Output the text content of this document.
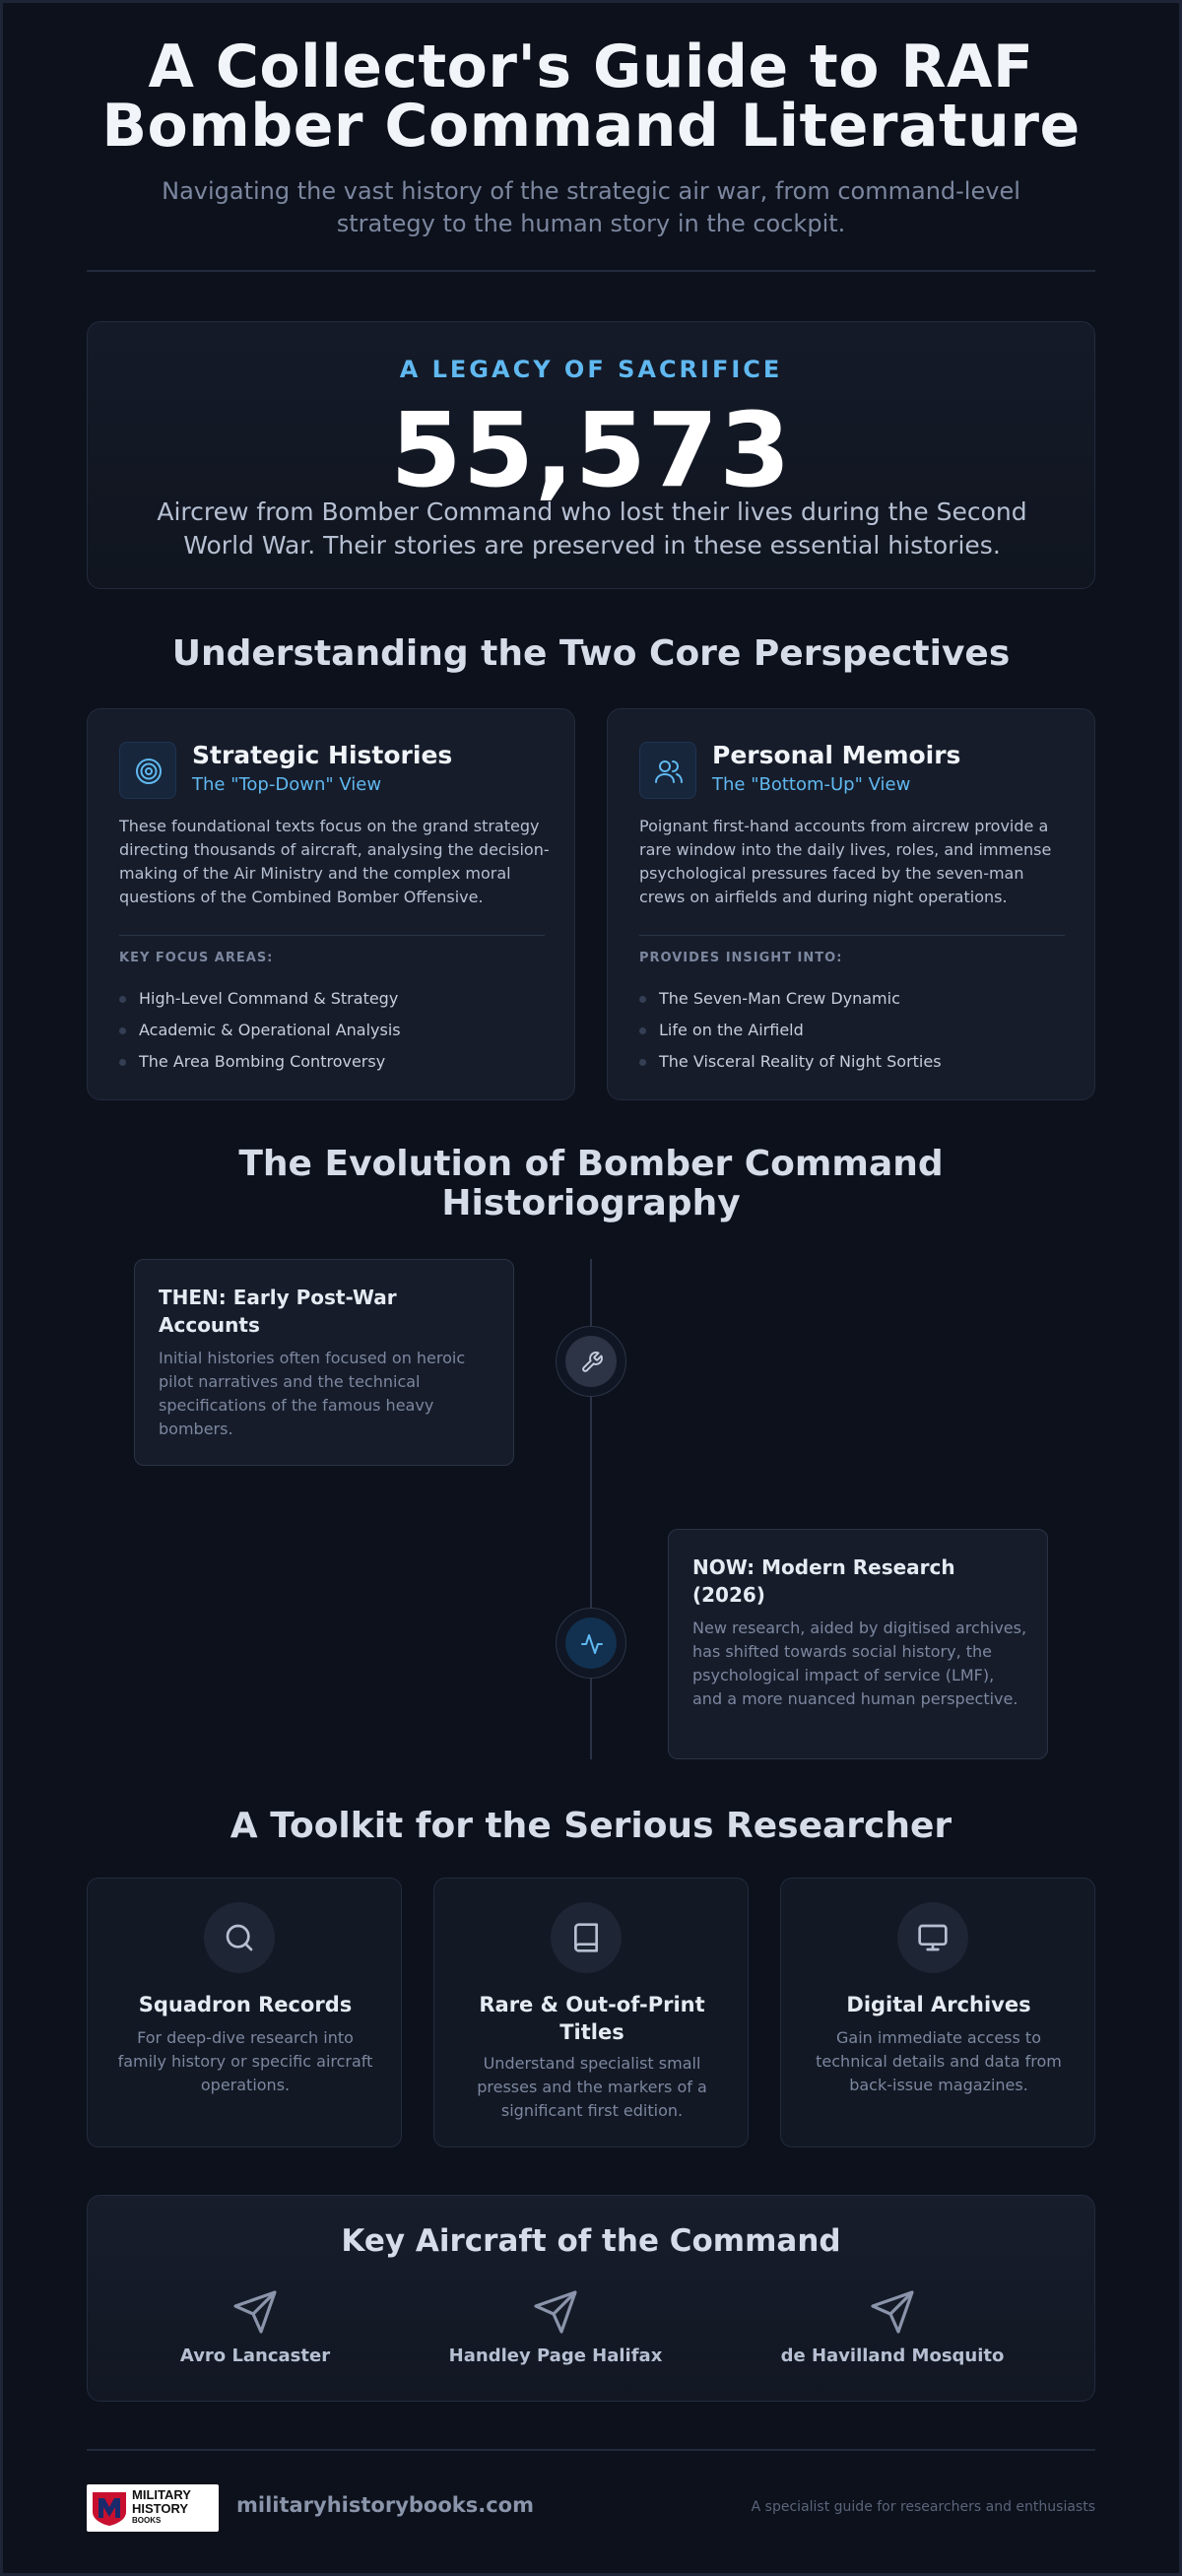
A Collector's Guide to RAF
Bomber Command Literature
Navigating the vast history of the strategic air war, from command-level strategy to the human story in the cockpit.
A LEGACY OF SACRIFICE
55,573
Aircrew from Bomber Command who lost their lives during the Second World War. Their stories are preserved in these essential histories.
Understanding the Two Core Perspectives
Strategic Histories
The "Top-Down" View
These foundational texts focus on the grand strategy directing thousands of aircraft, analysing the decision-making of the Air Ministry and the complex moral questions of the Combined Bomber Offensive.
KEY FOCUS AREAS:
High-Level Command & Strategy
Academic & Operational Analysis
The Area Bombing Controversy
Personal Memoirs
The "Bottom-Up" View
Poignant first-hand accounts from aircrew provide a rare window into the daily lives, roles, and immense psychological pressures faced by the seven-man crews on airfields and during night operations.
PROVIDES INSIGHT INTO:
The Seven-Man Crew Dynamic
Life on the Airfield
The Visceral Reality of Night Sorties
The Evolution of Bomber Command
Historiography
THEN: Early Post-War
Accounts
Initial histories often focused on heroic pilot narratives and the technical specifications of the famous heavy bombers.
NOW: Modern Research
(2026)
New research, aided by digitised archives, has shifted towards social history, the psychological impact of service (LMF), and a more nuanced human perspective.
A Toolkit for the Serious Researcher
Squadron Records
For deep-dive research into family history or specific aircraft operations.
Rare & Out-of-Print
Titles
Understand specialist small presses and the markers of a significant first edition.
Digital Archives
Gain immediate access to technical details and data from back-issue magazines.
Key Aircraft of the Command
Avro Lancaster	Handley Page Halifax	de Havilland Mosquito
MILITARY
HISTORY
BOOKS
militaryhistorybooks.com	A specialist guide for researchers and enthusiasts
